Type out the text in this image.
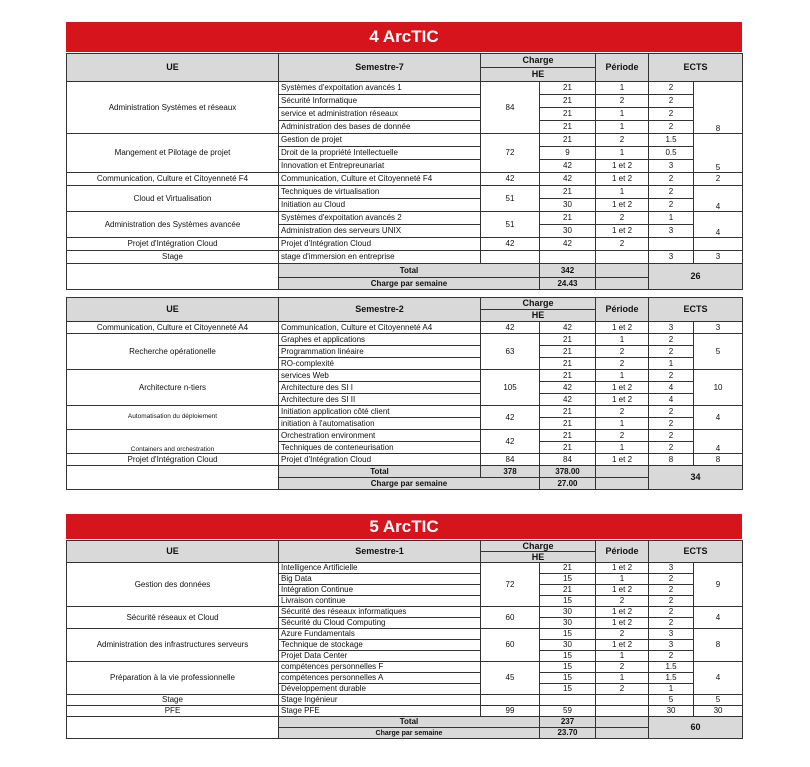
4 ArcTIC
UE	Semestre-7	Charge		Période	ECTS	
		HE				
Administration Systèmes et réseaux	Systèmes d'expoitation avancés 1	84	21	1	2	8
	Sécurité Informatique		21	2	2	
	service et administration réseaux		21	1	2	
	Administration des bases de donnée		21	1	2	
Mangement et Pilotage de projet	Gestion de projet	72	21	2	1.5	5
	Droit de la propriété Intellectuelle		9	1	0.5	
	Innovation et Entrepreunariat		42	1 et 2	3	
Communication, Culture et Citoyenneté F4	Communication, Culture et Citoyenneté F4	42	42	1 et 2	2	2
Cloud et Virtualisation	Techniques de virtualisation	51	21	1	2	4
	Initiation au Cloud		30	1 et 2	2	
Administration des Systèmes avancée	Systèmes d'expoitation avancés 2	51	21	2	1	4
	Administration des serveurs UNIX		30	1 et 2	3	
Projet d'Intégration Cloud	Projet d'Intégration Cloud	42	42	2		
Stage	stage d'immersion en entreprise				3	3
	Total		342		26	
	Charge par semaine		24.43			
UE	Semestre-2	Charge		Période	ECTS	
		HE				
Communication, Culture et Citoyenneté A4	Communication, Culture et Citoyenneté A4	42	42	1 et 2	3	3
Recherche opérationelle	Graphes et applications	63	21	1	2	5
	Programmation linéaire		21	2	2	
	RO-complexité		21	2	1	
Architecture n-tiers	services Web	105	21	1	2	10
	Architecture des SI I		42	1 et 2	4	
	Architecture des SI II		42	1 et 2	4	
Automatisation du déploiement	Initiation application côté client	42	21	2	2	4
	initiation à l'automatisation		21	1	2	
Containers and orchestration	Orchestration environment	42	21	2	2	4
	Techniques de conteneurisation		21	1	2	
Projet d'Intégration Cloud	Projet d'Intégration Cloud	84	84	1 et 2	8	8
	Total	378	378.00		34	
	Charge par semaine		27.00			
5 ArcTIC
UE	Semestre-1	Charge		Période	ECTS	
		HE				
Gestion des données	Intelligence Artificielle	72	21	1 et 2	3	9
	Big Data		15	1	2	
	Intégration Continue		21	1 et 2	2	
	Livraison continue		15	2	2	
Sécurité réseaux et Cloud	Sécurité des réseaux informatiques	60	30	1 et 2	2	4
	Sécurité du Cloud Computing		30	1 et 2	2	
Administration des infrastructures serveurs	Azure Fundamentals	60	15	2	3	8
	Technique de stockage		30	1 et 2	3	
	Projet Data Center		15	1	2	
Préparation à la vie professionnelle	compétences personnelles F	45	15	2	1.5	4
	compétences personnelles A		15	1	1.5	
	Développement durable		15	2	1	
Stage	Stage Ingénieur				5	5
PFE	Stage PFE	99	59		30	30
	Total		237		60	
	Charge par semaine		23.70			
